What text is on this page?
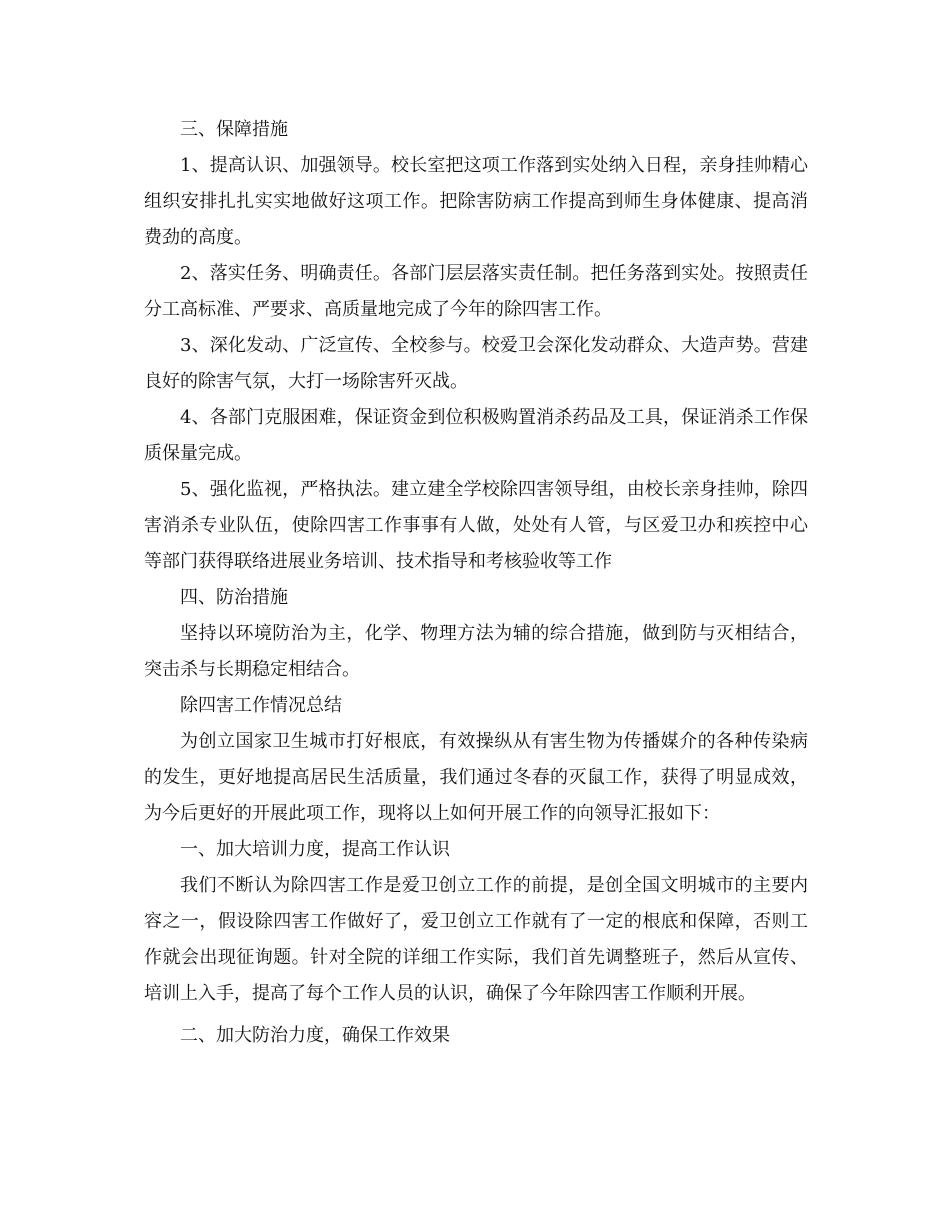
三、保障措施

1、提高认识、加强领导。校长室把这项工作落到实处纳入日程，亲身挂帅精心组织安排扎扎实实地做好这项工作。把除害防病工作提高到师生身体健康、提高消费劲的高度。

2、落实任务、明确责任。各部门层层落实责任制。把任务落到实处。按照责任分工高标准、严要求、高质量地完成了今年的除四害工作。

3、深化发动、广泛宣传、全校参与。校爱卫会深化发动群众、大造声势。营建良好的除害气氛，大打一场除害歼灭战。

4、各部门克服困难，保证资金到位积极购置消杀药品及工具，保证消杀工作保质保量完成。

5、强化监视，严格执法。建立建全学校除四害领导组，由校长亲身挂帅，除四害消杀专业队伍，使除四害工作事事有人做，处处有人管，与区爱卫办和疾控中心等部门获得联络进展业务培训、技术指导和考核验收等工作

四、防治措施

坚持以环境防治为主，化学、物理方法为辅的综合措施，做到防与灭相结合，突击杀与长期稳定相结合。

除四害工作情况总结

为创立国家卫生城市打好根底，有效操纵从有害生物为传播媒介的各种传染病的发生，更好地提高居民生活质量，我们通过冬春的灭鼠工作，获得了明显成效，为今后更好的开展此项工作，现将以上如何开展工作的向领导汇报如下：

一、加大培训力度，提高工作认识

我们不断认为除四害工作是爱卫创立工作的前提，是创全国文明城市的主要内容之一，假设除四害工作做好了，爱卫创立工作就有了一定的根底和保障，否则工作就会出现征询题。针对全院的详细工作实际，我们首先调整班子，然后从宣传、培训上入手，提高了每个工作人员的认识，确保了今年除四害工作顺利开展。

二、加大防治力度，确保工作效果
